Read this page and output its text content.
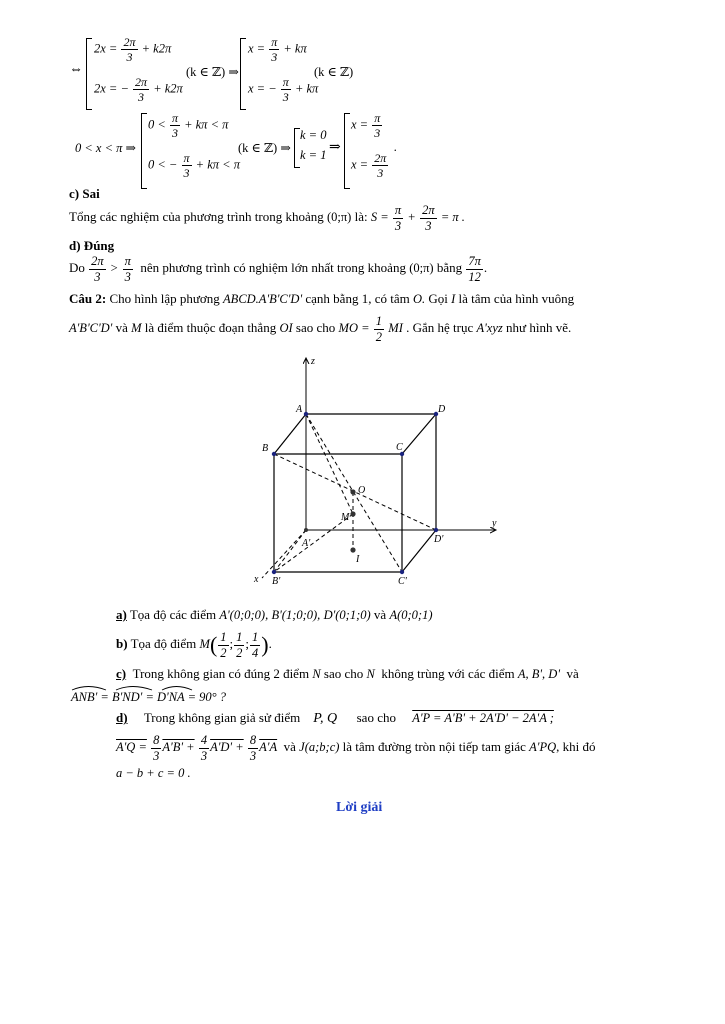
⇔
$2x = \frac{2\pi}{3} + k2\pi$
2x = − $\frac{2\pi}{3} + k2\pi$
(k ∈ ℤ) ⇒
$x = \frac{\pi}{3} + k\pi$
x = − $\frac{\pi}{3} + k\pi$
(k ∈ ℤ)
0 < x < π ⇒
$0 < \frac{\pi}{3} + k\pi < \pi$
0 < − $\frac{\pi}{3} + k\pi < \pi$
(k ∈ ℤ) ⇒
k = 0
k = 1 ⇒
$x = \frac{\pi}{3}$
$x = \frac{2\pi}{3}$
.
c) Sai
Tổng các nghiệm của phương trình trong khoảng (0;π) là: $S = \frac{\pi}{3} + \frac{2\pi}{3} = \pi$ .
d) Đúng
Do $\frac{2\pi}{3} > \frac{\pi}{3}$ nên phương trình có nghiệm lớn nhất trong khoảng (0;π) bằng $\frac{7\pi}{12}$ .
Câu 2: Cho hình lập phương ABCD.A'B'C'D' cạnh bằng 1, có tâm O. Gọi I là tâm của hình vuông
A'B'C'D' và M là điểm thuộc đoạn thẳng OI sao cho MO = $\frac{1}{2}$ MI . Gắn hệ trục A'xyz như hình vẽ.
z
y
x
A	D
B	C
O
M
I
A'
B'	C'
D'
a) Tọa độ các điểm A'(0;0;0), B'(1;0;0), D'(0;1;0) và A(0;0;1)
b) Tọa độ điểm $M( \frac{1}{2}$ ; $\frac{1}{2}$ ; $\frac{1}{4}$ ).
c) Trong không gian có đúng 2 điểm N sao cho N không trùng với các điểm A, B', D' và
ANB' = B'ND' = D'NA = 90° ?
d) Trong không gian giả sử điểm P, Q sao cho A'P = A'B' + 2A'D' − 2A'A ;
$A'Q = \frac{8}{3} A'B' + \frac{4}{3} A'D' + \frac{8}{3} A'A$ và J(a;b;c) là tâm đường tròn nội tiếp tam giác A'PQ, khi đó
a − b + c = 0 .
Lời giải
